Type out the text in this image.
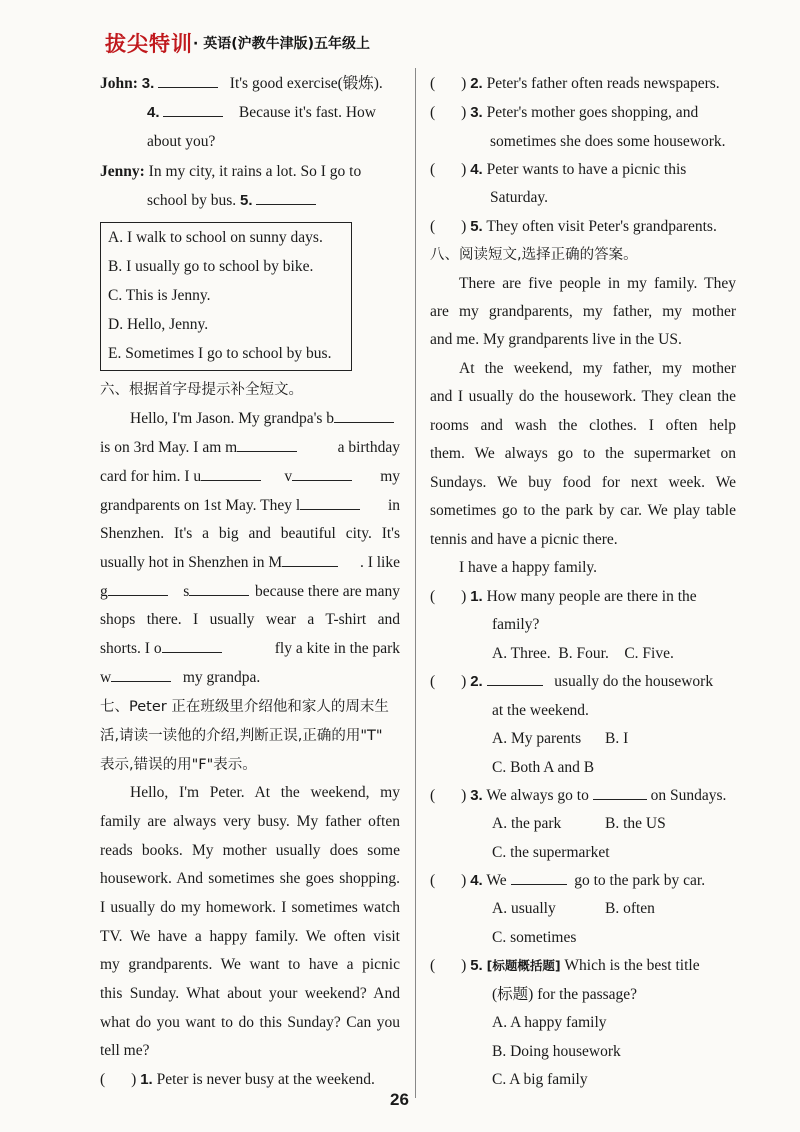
拔尖特训 · 英语(沪教牛津版)五年级上
John: 3.	It's good exercise(锻炼).
4.	Because it's fast. How
about you?
Jenny: In my city, it rains a lot. So I go to
school by bus. 5.
A. I walk to school on sunny days.
B. I usually go to school by bike.
C. This is Jenny.
D. Hello, Jenny.
E. Sometimes I go to school by bus.
六、根据首字母提示补全短文。
Hello, I'm Jason. My grandpa's b
is on 3rd May. I am m	a birthday
card for him. I u	v	my
grandparents on 1st May. They l	in
Shenzhen. It's a big and beautiful city. It's
usually hot in Shenzhen in M	. I like
g	s	because there are many
shops there. I usually wear a T-shirt and
shorts. I o	fly a kite in the park
w	my grandpa.
七、Peter 正在班级里介绍他和家人的周末生
活,请读一读他的介绍,判断正误,正确的用"T"
表示,错误的用"F"表示。
Hello, I'm Peter. At the weekend, my
family are always very busy. My father often
reads books. My mother usually does some
housework. And sometimes she goes shopping.
I usually do my homework. I sometimes watch
TV. We have a happy family. We often visit
my grandparents. We want to have a picnic
this Sunday. What about your weekend? And
what do you want to do this Sunday? Can you
tell me?
( ) 1. Peter is never busy at the weekend.
( ) 2. Peter's father often reads newspapers.
( ) 3. Peter's mother goes shopping, and
sometimes she does some housework.
( ) 4. Peter wants to have a picnic this
Saturday.
( ) 5. They often visit Peter's grandparents.
八、阅读短文,选择正确的答案。
There are five people in my family. They
are my grandparents, my father, my mother
and me. My grandparents live in the US.
At the weekend, my father, my mother
and I usually do the housework. They clean the
rooms and wash the clothes. I often help
them. We always go to the supermarket on
Sundays. We buy food for next week. We
sometimes go to the park by car. We play table
tennis and have a picnic there.
I have a happy family.
( ) 1. How many people are there in the
family?
A. Three.  B. Four.    C. Five.
( ) 2.	usually do the housework
at the weekend.
A. My parents B. I
C. Both A and B
( ) 3. We always go to	on Sundays.
A. the park	B. the US
C. the supermarket
( ) 4. We	go to the park by car.
A. usually	B. often
C. sometimes
( ) 5. [标题概括题] Which is the best title
(标题) for the passage?
A. A happy family
B. Doing housework
C. A big family
26
